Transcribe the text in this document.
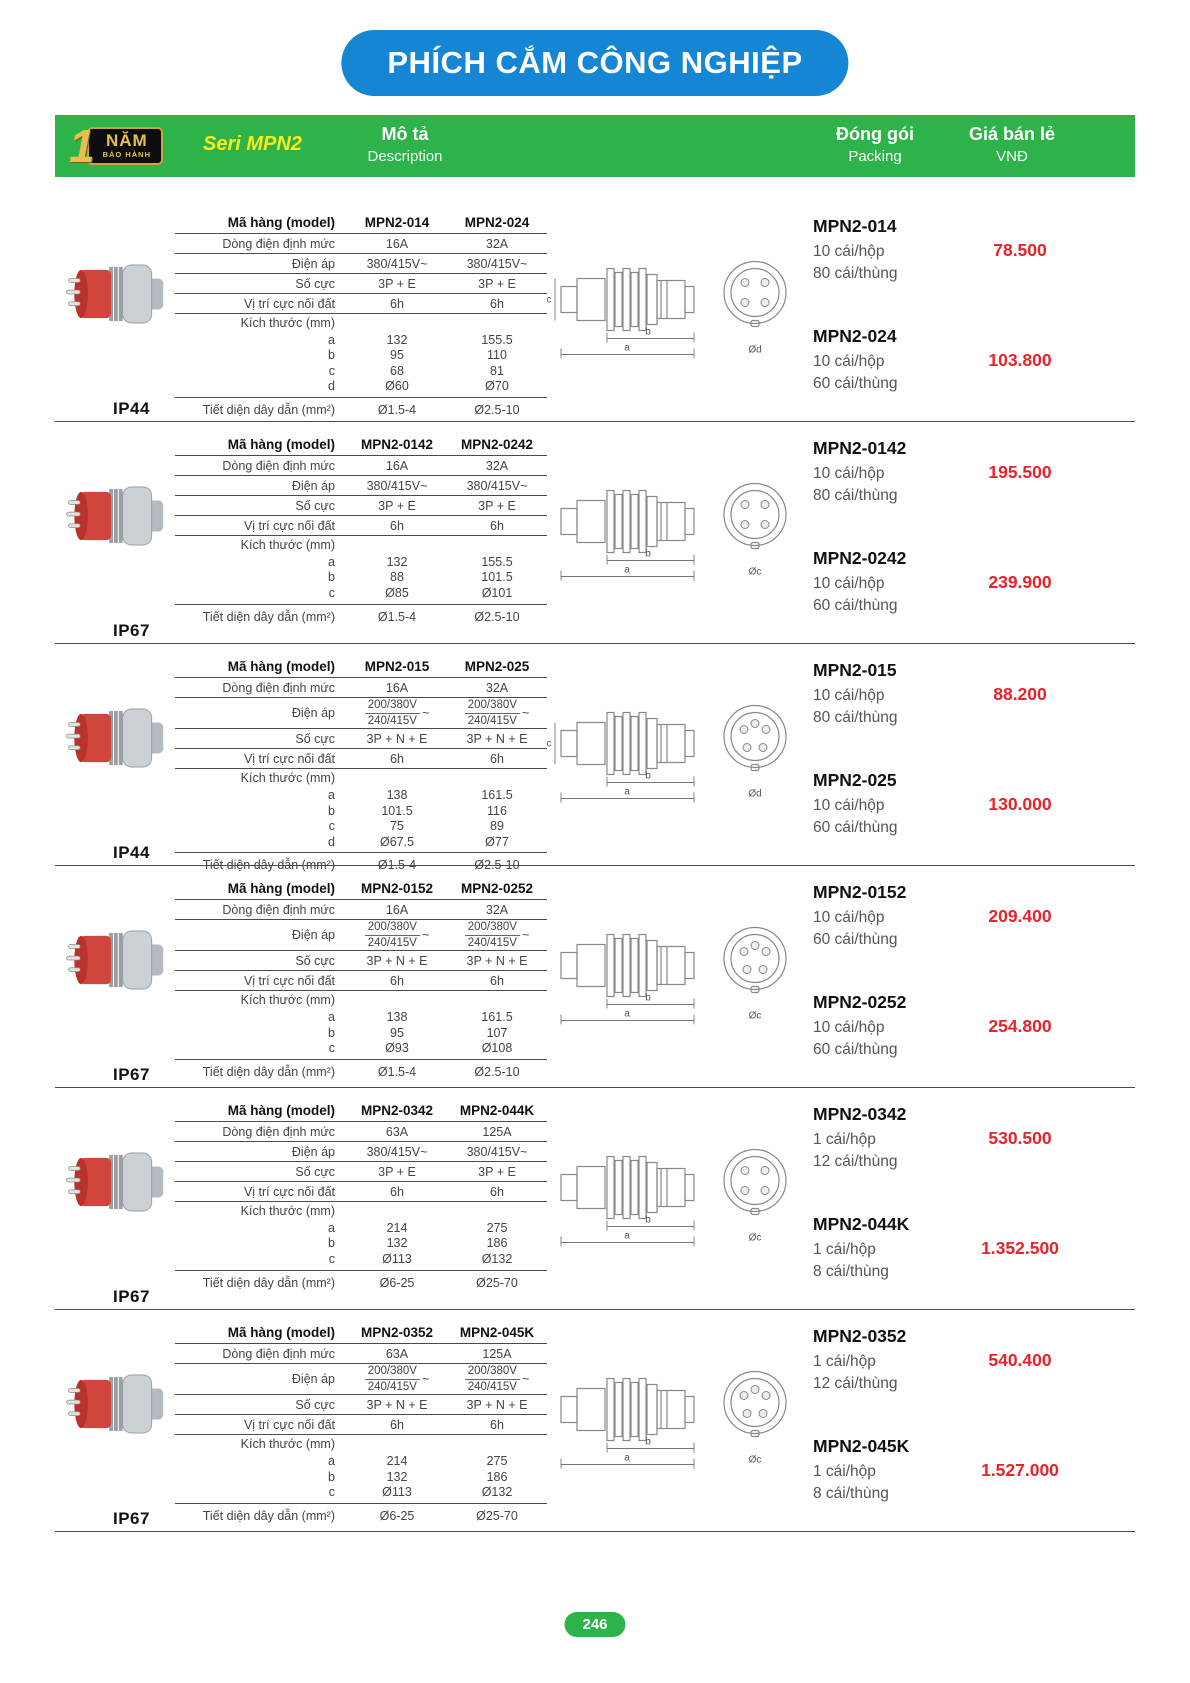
PHÍCH CẮM CÔNG NGHIỆP
1 NĂM
BẢO HÀNH	Seri MPN2	Mô tả
Description
Đóng gói
Packing
Giá bán lẻ
VNĐ
IP44
Mã hàng (model)	MPN2-014	MPN2-024
Dòng điện định mức	16A	32A
Điện áp	380/415V~	380/415V~
Số cực	3P + E	3P + E
Vị trí cực nối đất	6h	6h
Kích thước (mm)
a	132	155.5
b	95	110
c	68	81
d	Ø60	Ø70
Tiết diện dây dẫn (mm²)	Ø1.5-4	Ø2.5-10
b
a
c
Ød
MPN2-014
10 cái/hộp
80 cái/thùng
MPN2-024
10 cái/hộp
60 cái/thùng
78.500
103.800
IP67
Mã hàng (model)	MPN2-0142	MPN2-0242
Dòng điện định mức	16A	32A
Điện áp	380/415V~	380/415V~
Số cực	3P + E	3P + E
Vị trí cực nối đất	6h	6h
Kích thước (mm)
a	132	155.5
b	88	101.5
c	Ø85	Ø101
Tiết diện dây dẫn (mm²)	Ø1.5-4	Ø2.5-10
b
a
c
Øc
MPN2-0142
10 cái/hộp
80 cái/thùng
MPN2-0242
10 cái/hộp
60 cái/thùng
195.500
239.900
IP44
Mã hàng (model)	MPN2-015	MPN2-025
Dòng điện định mức	16A	32A
Điện áp	$\frac{200/380V}{240/415V}$ ~	$\frac{200/380V}{240/415V}$ ~
Số cực	3P + N + E	3P + N + E
Vị trí cực nối đất	6h	6h
Kích thước (mm)
a	138	161.5
b	101.5	116
c	75	89
d	Ø67.5	Ø77
Tiết diện dây dẫn (mm²)	Ø1.5-4	Ø2.5-10
b
a
c
Ød
MPN2-015
10 cái/hộp
80 cái/thùng
MPN2-025
10 cái/hộp
60 cái/thùng
88.200
130.000
IP67
Mã hàng (model)	MPN2-0152	MPN2-0252
Dòng điện định mức	16A	32A
Điện áp	$\frac{200/380V}{240/415V}$ ~	$\frac{200/380V}{240/415V}$ ~
Số cực	3P + N + E	3P + N + E
Vị trí cực nối đất	6h	6h
Kích thước (mm)
a	138	161.5
b	95	107
c	Ø93	Ø108
Tiết diện dây dẫn (mm²)	Ø1.5-4	Ø2.5-10
b
a
c
Øc
MPN2-0152
10 cái/hộp
60 cái/thùng
MPN2-0252
10 cái/hộp
60 cái/thùng
209.400
254.800
IP67
Mã hàng (model)	MPN2-0342	MPN2-044K
Dòng điện định mức	63A	125A
Điện áp	380/415V~	380/415V~
Số cực	3P + E	3P + E
Vị trí cực nối đất	6h	6h
Kích thước (mm)
a	214	275
b	132	186
c	Ø113	Ø132
Tiết diện dây dẫn (mm²)	Ø6-25	Ø25-70
b
a
c
Øc
MPN2-0342
1 cái/hộp
12 cái/thùng
MPN2-044K
1 cái/hộp
8 cái/thùng
530.500
1.352.500
IP67
Mã hàng (model)	MPN2-0352	MPN2-045K
Dòng điện định mức	63A	125A
Điện áp	$\frac{200/380V}{240/415V}$ ~	$\frac{200/380V}{240/415V}$ ~
Số cực	3P + N + E	3P + N + E
Vị trí cực nối đất	6h	6h
Kích thước (mm)
a	214	275
b	132	186
c	Ø113	Ø132
Tiết diện dây dẫn (mm²)	Ø6-25	Ø25-70
b
a
c
Øc
MPN2-0352
1 cái/hộp
12 cái/thùng
MPN2-045K
1 cái/hộp
8 cái/thùng
540.400
1.527.000
246
